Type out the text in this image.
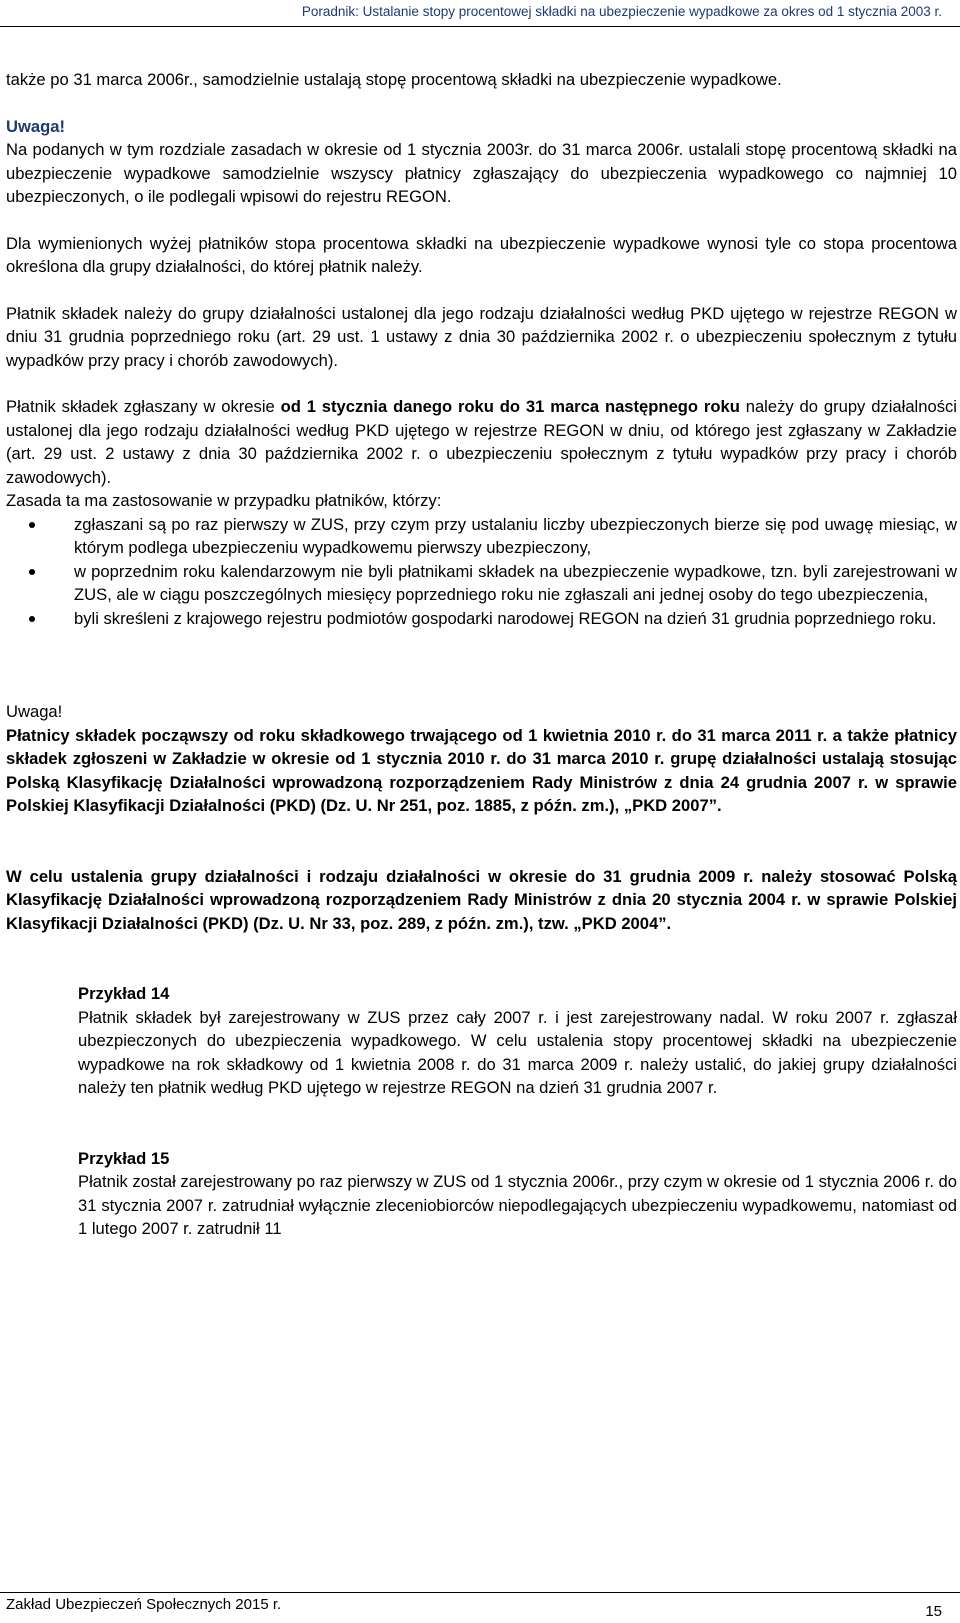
Poradnik: Ustalanie stopy procentowej składki na ubezpieczenie wypadkowe za okres od 1 stycznia 2003 r.

także po 31 marca 2006r., samodzielnie ustalają stopę procentową składki na ubezpieczenie wypadkowe.

Uwaga!

Na podanych w tym rozdziale zasadach w okresie od 1 stycznia 2003r. do 31 marca 2006r. ustalali stopę procentową składki na ubezpieczenie wypadkowe samodzielnie wszyscy płatnicy zgłaszający do ubezpieczenia wypadkowego co najmniej 10 ubezpieczonych, o ile podlegali wpisowi do rejestru REGON.

Dla wymienionych wyżej płatników stopa procentowa składki na ubezpieczenie wypadkowe wynosi tyle co stopa procentowa określona dla grupy działalności, do której płatnik należy.

Płatnik składek należy do grupy działalności ustalonej dla jego rodzaju działalności według PKD ujętego w rejestrze REGON w dniu 31 grudnia poprzedniego roku (art. 29 ust. 1 ustawy z dnia 30 października 2002 r. o ubezpieczeniu społecznym z tytułu wypadków przy pracy i chorób zawodowych).

Płatnik składek zgłaszany w okresie od 1 stycznia danego roku do 31 marca następnego roku należy do grupy działalności ustalonej dla jego rodzaju działalności według PKD ujętego w rejestrze REGON w dniu, od którego jest zgłaszany w Zakładzie (art. 29 ust. 2 ustawy z dnia 30 października 2002 r. o ubezpieczeniu społecznym z tytułu wypadków przy pracy i chorób zawodowych).

Zasada ta ma zastosowanie w przypadku płatników, którzy:

zgłaszani są po raz pierwszy w ZUS, przy czym przy ustalaniu liczby ubezpieczonych bierze się pod uwagę miesiąc, w którym podlega ubezpieczeniu wypadkowemu pierwszy ubezpieczony,
w poprzednim roku kalendarzowym nie byli płatnikami składek na ubezpieczenie wypadkowe, tzn. byli zarejestrowani w ZUS, ale w ciągu poszczególnych miesięcy poprzedniego roku nie zgłaszali ani jednej osoby do tego ubezpieczenia,
byli skreśleni z krajowego rejestru podmiotów gospodarki narodowej REGON na dzień 31 grudnia poprzedniego roku.

Uwaga!

Płatnicy składek począwszy od roku składkowego trwającego od 1 kwietnia 2010 r. do 31 marca 2011 r. a także płatnicy składek zgłoszeni w Zakładzie w okresie od 1 stycznia 2010 r. do 31 marca 2010 r. grupę działalności ustalają stosując Polską Klasyfikację Działalności wprowadzoną rozporządzeniem Rady Ministrów z dnia 24 grudnia 2007 r. w sprawie Polskiej Klasyfikacji Działalności (PKD) (Dz. U. Nr 251, poz. 1885, z późn. zm.), „PKD 2007”.

W celu ustalenia grupy działalności i rodzaju działalności w okresie do 31 grudnia 2009 r. należy stosować Polską Klasyfikację Działalności wprowadzoną rozporządzeniem Rady Ministrów z dnia 20 stycznia 2004 r. w sprawie Polskiej Klasyfikacji Działalności (PKD) (Dz. U. Nr 33, poz. 289, z późn. zm.), tzw. „PKD 2004”.

Przykład 14

Płatnik składek był zarejestrowany w ZUS przez cały 2007 r. i jest zarejestrowany nadal. W roku 2007 r. zgłaszał ubezpieczonych do ubezpieczenia wypadkowego. W celu ustalenia stopy procentowej składki na ubezpieczenie wypadkowe na rok składkowy od 1 kwietnia 2008 r. do 31 marca 2009 r. należy ustalić, do jakiej grupy działalności należy ten płatnik według PKD ujętego w rejestrze REGON na dzień 31 grudnia 2007 r.

Przykład 15

Płatnik został zarejestrowany po raz pierwszy w ZUS od 1 stycznia 2006r., przy czym w okresie od 1 stycznia 2006 r. do 31 stycznia 2007 r. zatrudniał wyłącznie zleceniobiorców niepodlegających ubezpieczeniu wypadkowemu, natomiast od 1 lutego 2007 r. zatrudnił 11

Zakład Ubezpieczeń Społecznych 2015 r.	15
